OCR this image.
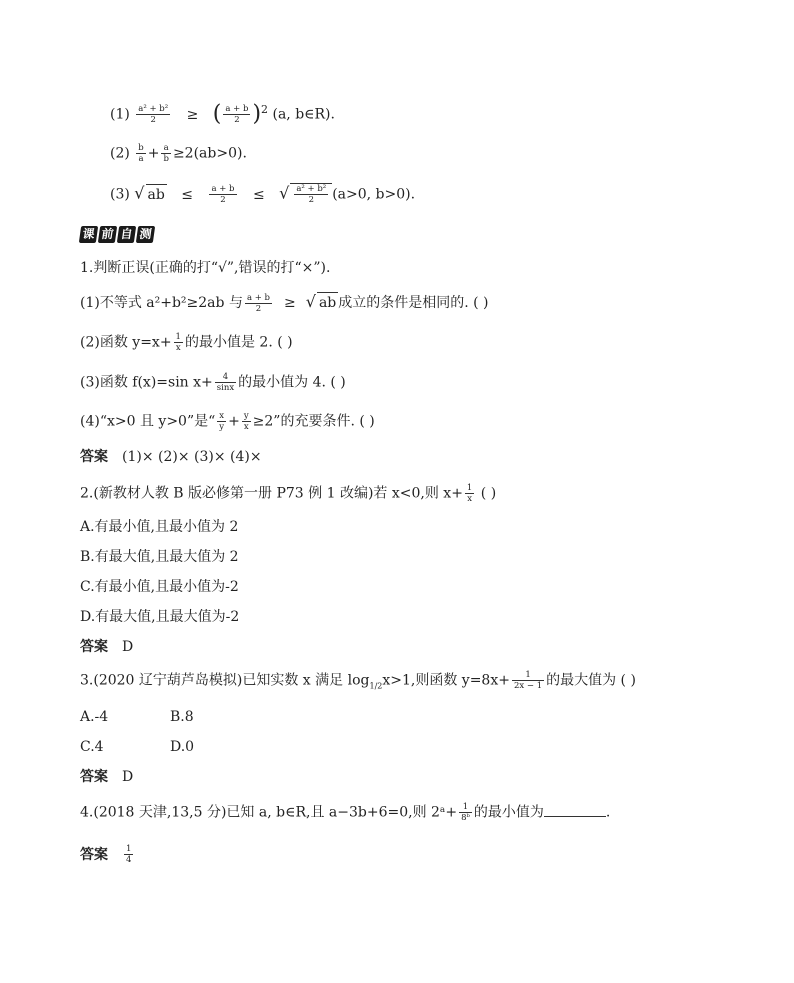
$(1) \frac{\text{a² + b²}}{2}$ ≥ ( $\frac{a + b}{2} )^2$ (a, b∈R).
$(2) \frac{b}{a} + \frac{a}{b} \ge 2(ab>0)$.
(3) √ ab ≤ $\frac{a + b}{2}$ ≤ √ $\frac{\text{a² + b²}}{2} (a>0$, b>0).
课 前 自 测
1.判断正误(正确的打“√”,错误的打“×”).
(1)不等式 a²+b²≥2ab 与 $\frac{a + b}{2}$ ≥ √ ab 成立的条件是相同的. ( )
(2)函数 $y=x+ \frac{1}{x}$ 的最小值是 2. ( )
(3)函数 f(x)=sin $x+ \frac{4}{\sin x}$ 的最小值为 4. ( )
(4)“x>0 且 y>0”是“ $\frac{x}{y} + \frac{y}{x} \ge 2$”的充要条件. ( )
答案 (1)× (2)× (3)× (4)×
2.(新教材人教 B 版必修第一册 P73 例 1 改编)若 x<0,则 $x+ \frac{1}{x}$ ( )
A.有最小值,且最小值为 2
B.有最大值,且最大值为 2
C.有最小值,且最小值为-2
D.有最大值,且最大值为-2
答案 D
3.(2020 辽宁葫芦岛模拟)已知实数 x 满足 $\log_{1/2}x>1$,则函数 $y=8x+ \frac{1}{2x - 1}$ 的最大值为 ( )
A.-4	B.8
C.4	D.0
答案 D
4.(2018 天津,13,5 分)已知 a, b∈R,且 a−3b+6=0,则 2ᵃ+ $\frac{1}{\text{8ᵇ}}$ 的最小值为	.
答案 $\frac{1}{4}$
